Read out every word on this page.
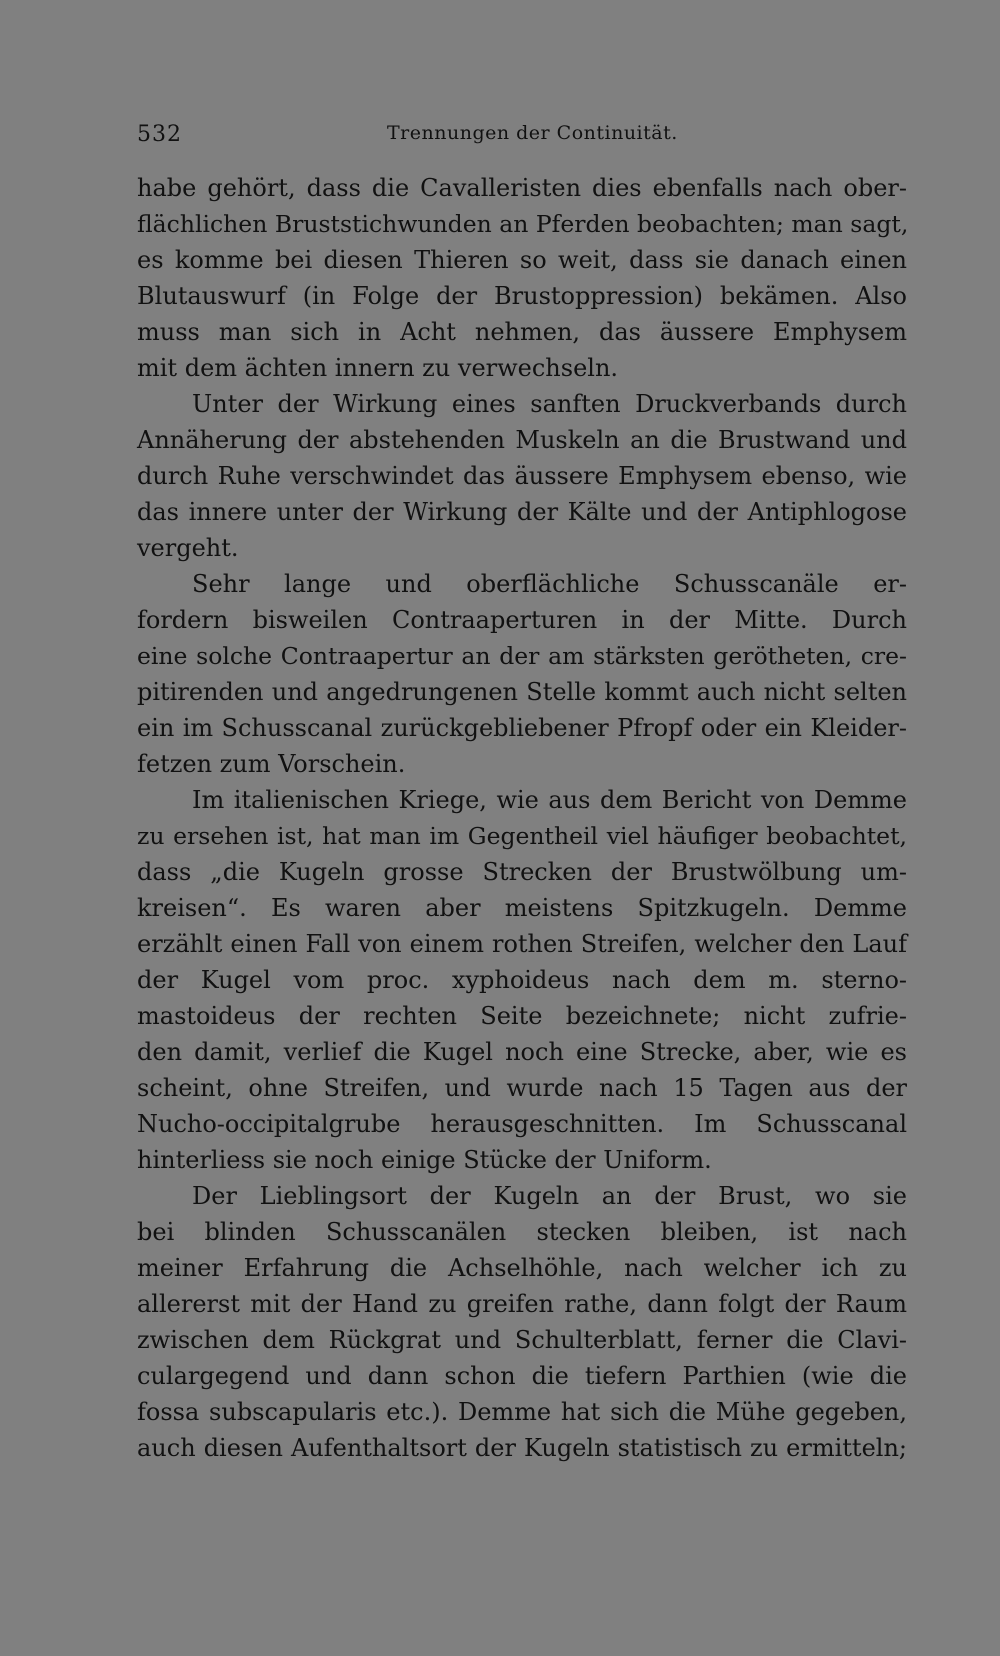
532	Trennungen der Continuität.
habe gehört, dass die Cavalleristen dies ebenfalls nach ober-
flächlichen Bruststichwunden an Pferden beobachten; man sagt,
es komme bei diesen Thieren so weit, dass sie danach einen
Blutauswurf (in Folge der Brustoppression) bekämen. Also
muss man sich in Acht nehmen, das äussere Emphysem
mit dem ächten innern zu verwechseln.
Unter der Wirkung eines sanften Druckverbands durch
Annäherung der abstehenden Muskeln an die Brustwand und
durch Ruhe verschwindet das äussere Emphysem ebenso, wie
das innere unter der Wirkung der Kälte und der Antiphlogose
vergeht.
Sehr lange und oberflächliche Schusscanäle er-
fordern bisweilen Contraaperturen in der Mitte. Durch
eine solche Contraapertur an der am stärksten gerötheten, cre-
pitirenden und angedrungenen Stelle kommt auch nicht selten
ein im Schusscanal zurückgebliebener Pfropf oder ein Kleider-
fetzen zum Vorschein.
Im italienischen Kriege, wie aus dem Bericht von Demme
zu ersehen ist, hat man im Gegentheil viel häufiger beobachtet,
dass „die Kugeln grosse Strecken der Brustwölbung um-
kreisen“. Es waren aber meistens Spitzkugeln. Demme
erzählt einen Fall von einem rothen Streifen, welcher den Lauf
der Kugel vom proc. xyphoideus nach dem m. sterno-
mastoideus der rechten Seite bezeichnete; nicht zufrie-
den damit, verlief die Kugel noch eine Strecke, aber, wie es
scheint, ohne Streifen, und wurde nach 15 Tagen aus der
Nucho-occipitalgrube herausgeschnitten. Im Schusscanal
hinterliess sie noch einige Stücke der Uniform.
Der Lieblingsort der Kugeln an der Brust, wo sie
bei blinden Schusscanälen stecken bleiben, ist nach
meiner Erfahrung die Achselhöhle, nach welcher ich zu
allererst mit der Hand zu greifen rathe, dann folgt der Raum
zwischen dem Rückgrat und Schulterblatt, ferner die Clavi-
culargegend und dann schon die tiefern Parthien (wie die
fossa subscapularis etc.). Demme hat sich die Mühe gegeben,
auch diesen Aufenthaltsort der Kugeln statistisch zu ermitteln;
